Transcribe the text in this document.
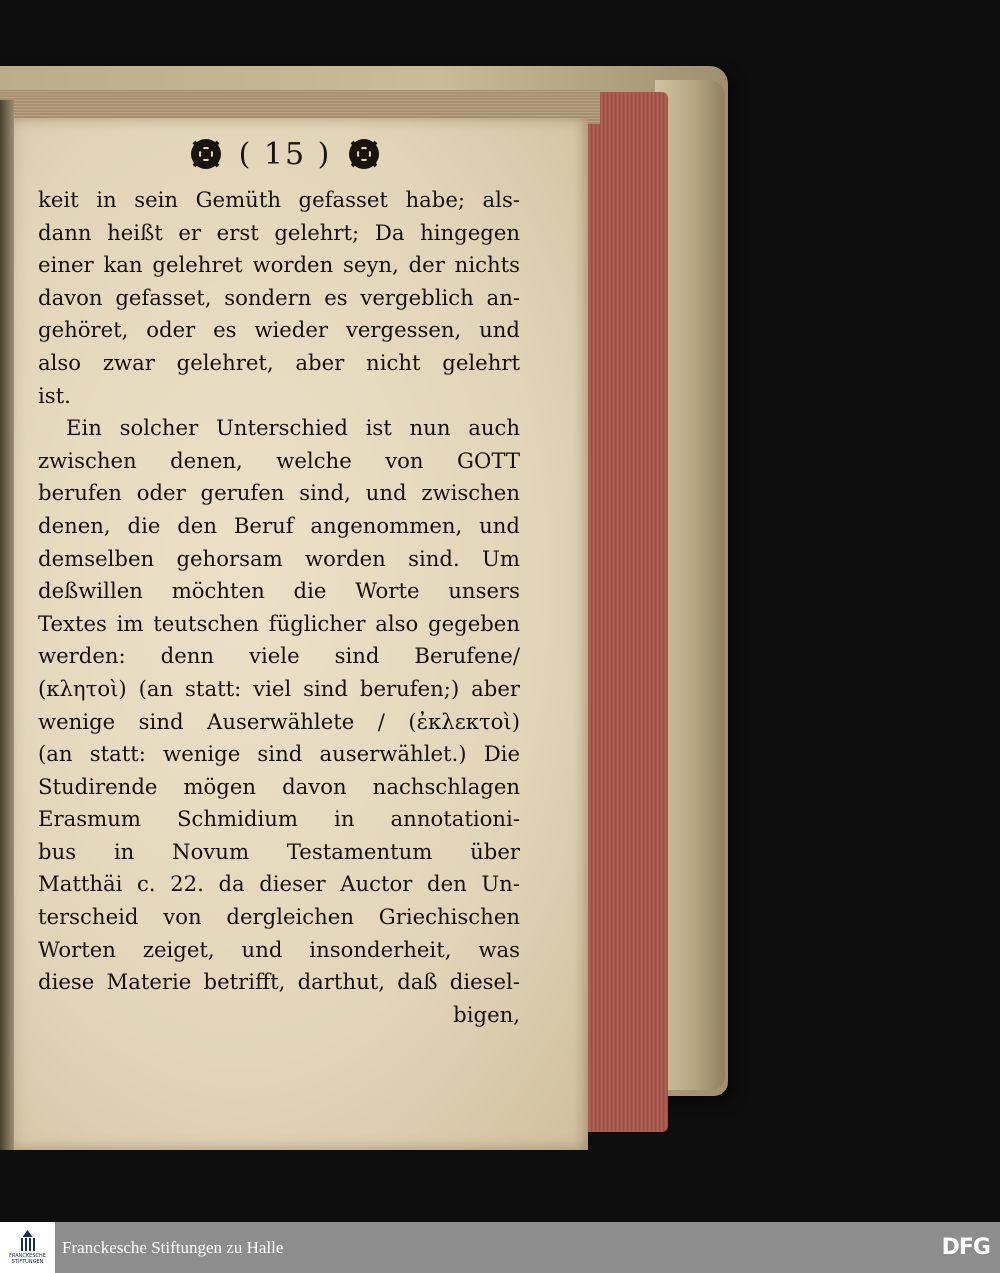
( 15 )
keit in sein Gemüth gefasset habe; als-
dann heißt er erst gelehrt; Da hingegen
einer kan gelehret worden seyn, der nichts
davon gefasset, sondern es vergeblich an-
gehöret, oder es wieder vergessen, und
also zwar gelehret, aber nicht gelehrt
ist.
Ein solcher Unterschied ist nun auch
zwischen denen, welche von GOTT
berufen oder gerufen sind, und zwischen
denen, die den Beruf angenommen, und
demselben gehorsam worden sind. Um
deßwillen möchten die Worte unsers
Textes im teutschen füglicher also gegeben
werden: denn viele sind Berufene/
(κλητοὶ) (an statt: viel sind berufen;) aber
wenige sind Auserwählete / (ἐκλεκτοὶ)
(an statt: wenige sind auserwählet.) Die
Studirende mögen davon nachschlagen
Erasmum Schmidium in annotationi-
bus in Novum Testamentum über
Matthäi c. 22. da dieser Auctor den Un-
terscheid von dergleichen Griechischen
Worten zeiget, und insonderheit, was
diese Materie betrifft, darthut, daß diesel-
bigen,
FRANCKESCHE
STIFTUNGEN
Franckesche Stiftungen zu Halle	DFG
